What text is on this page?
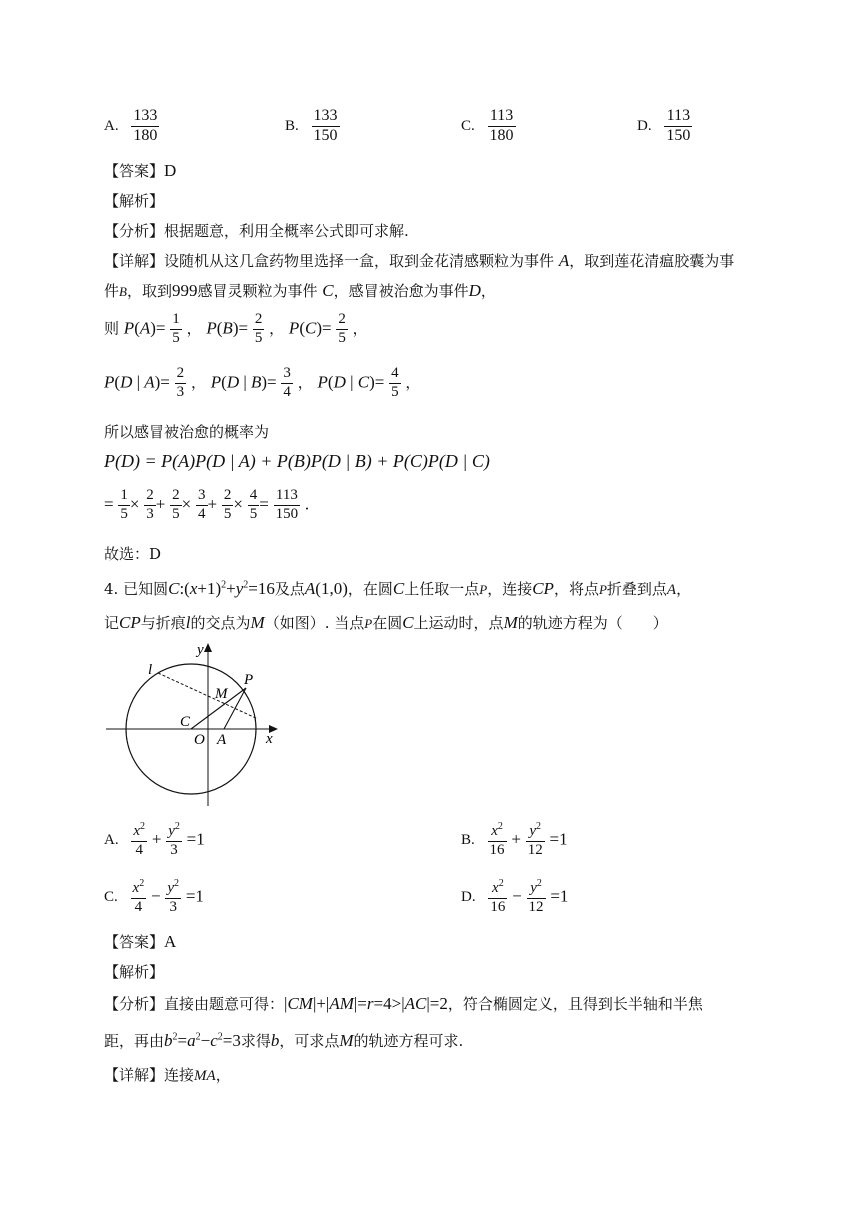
A. $\frac{133}{180}$	B. $\frac{133}{150}$	C. $\frac{113}{180}$	D. $\frac{113}{150}$
【答案】D
【解析】
【分析】根据题意，利用全概率公式即可求解.
【详解】设随机从这几盒药物里选择一盒，取到金花清感颗粒为事件 A，取到莲花清瘟胶囊为事
件B，取到999感冒灵颗粒为事件 C，感冒被治愈为事件D，
则 $P(A)= \frac{1}{5}$ ， $P(B)= \frac{2}{5}$ ， $P(C)= \frac{2}{5}$ ，
P(D | $A)= \frac{2}{3}$ ， P(D | $B)= \frac{3}{4}$ ， P(D | $C)= \frac{4}{5}$ ，
所以感冒被治愈的概率为
P(D) = P(A)P(D | A) + P(B)P(D | B) + P(C)P(D | C)
= $\frac{1}{5} \times \frac{2}{3} + \frac{2}{5} \times \frac{3}{4} + \frac{2}{5} \times \frac{4}{5} = \frac{113}{150}$ .
故选：D
4. 已知圆$C:(x+1)^2+y^2=16$及点A(1,0)，在圆C上任取一点P，连接CP，将点P折叠到点A，
记CP与折痕l的交点为M（如图）. 当点P在圆C上运动时，点M的轨迹方程为（　　）
y
l
P
M
C
O A	x
A. $\frac{x^2}{4} + \frac{y^2}{3} =1$	B. $\frac{x^2}{16} + \frac{y^2}{12} =1$
C. $\frac{x^2}{4} - \frac{y^2}{3} =1$	D. $\frac{x^2}{16} - \frac{y^2}{12} =1$
【答案】A
【解析】
【分析】直接由题意可得：|CM|+|AM|=r=4>|AC|=2，符合椭圆定义，且得到长半轴和半焦
距，再由$b^2=a^2-c^2=3$求得b，可求点M的轨迹方程可求.
【详解】连接MA，
